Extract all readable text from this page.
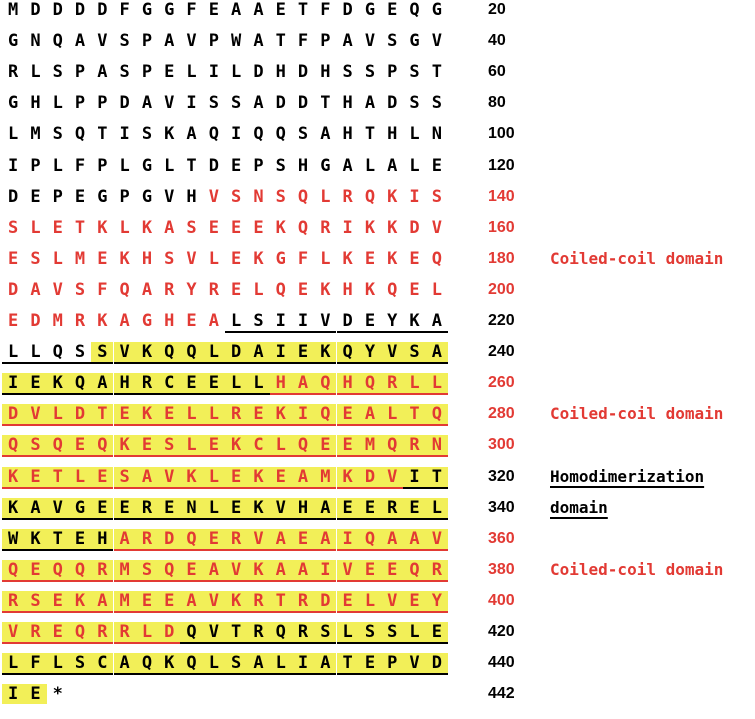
M D D D D F G G F E A A E T F D G E Q G	20
G N Q A V S P A V P W A T F P A V S G V	40
R L S P A S P E L I L D H D H S S P S T	60
G H L P P D A V I S S A D D T H A D S S	80
L M S Q T I S K A Q I Q Q S A H T H L N	100
I P L F P L G L T D E P S H G A L A L E	120
D E P E G P G V H V S N S Q L R Q K I S	140
S L E T K L K A S E E E K Q R I K K D V	160
E S L M E K H S V L E K G F L K E K E Q	180
D A V S F Q A R Y R E L Q E K H K Q E L	200
E D M R K A G H E A L S I I V D E Y K A	220
L L Q S S V K Q Q L D A I E K Q Y V S A	240
I E K Q A H R C E E L L H A Q H Q R L L	260
D V L D T E K E L L R E K I Q E A L T Q	280
Q S Q E Q K E S L E K C L Q E E M Q R N	300
K E T L E S A V K L E K E A M K D V I T	320
K A V G E E R E N L E K V H A E E R E L	340
W K T E H A R D Q E R V A E A I Q A A V	360
Q E Q Q R M S Q E A V K A A I V E E Q R	380
R S E K A M E E A V K R T R D E L V E Y	400
V R E Q R R L D Q V T R Q R S L S S L E	420
L F L S C A Q K Q L S A L I A T E P V D	440
I E *	442
Coiled-coil domain
Coiled-coil domain
Homodimerization
domain
Coiled-coil domain
